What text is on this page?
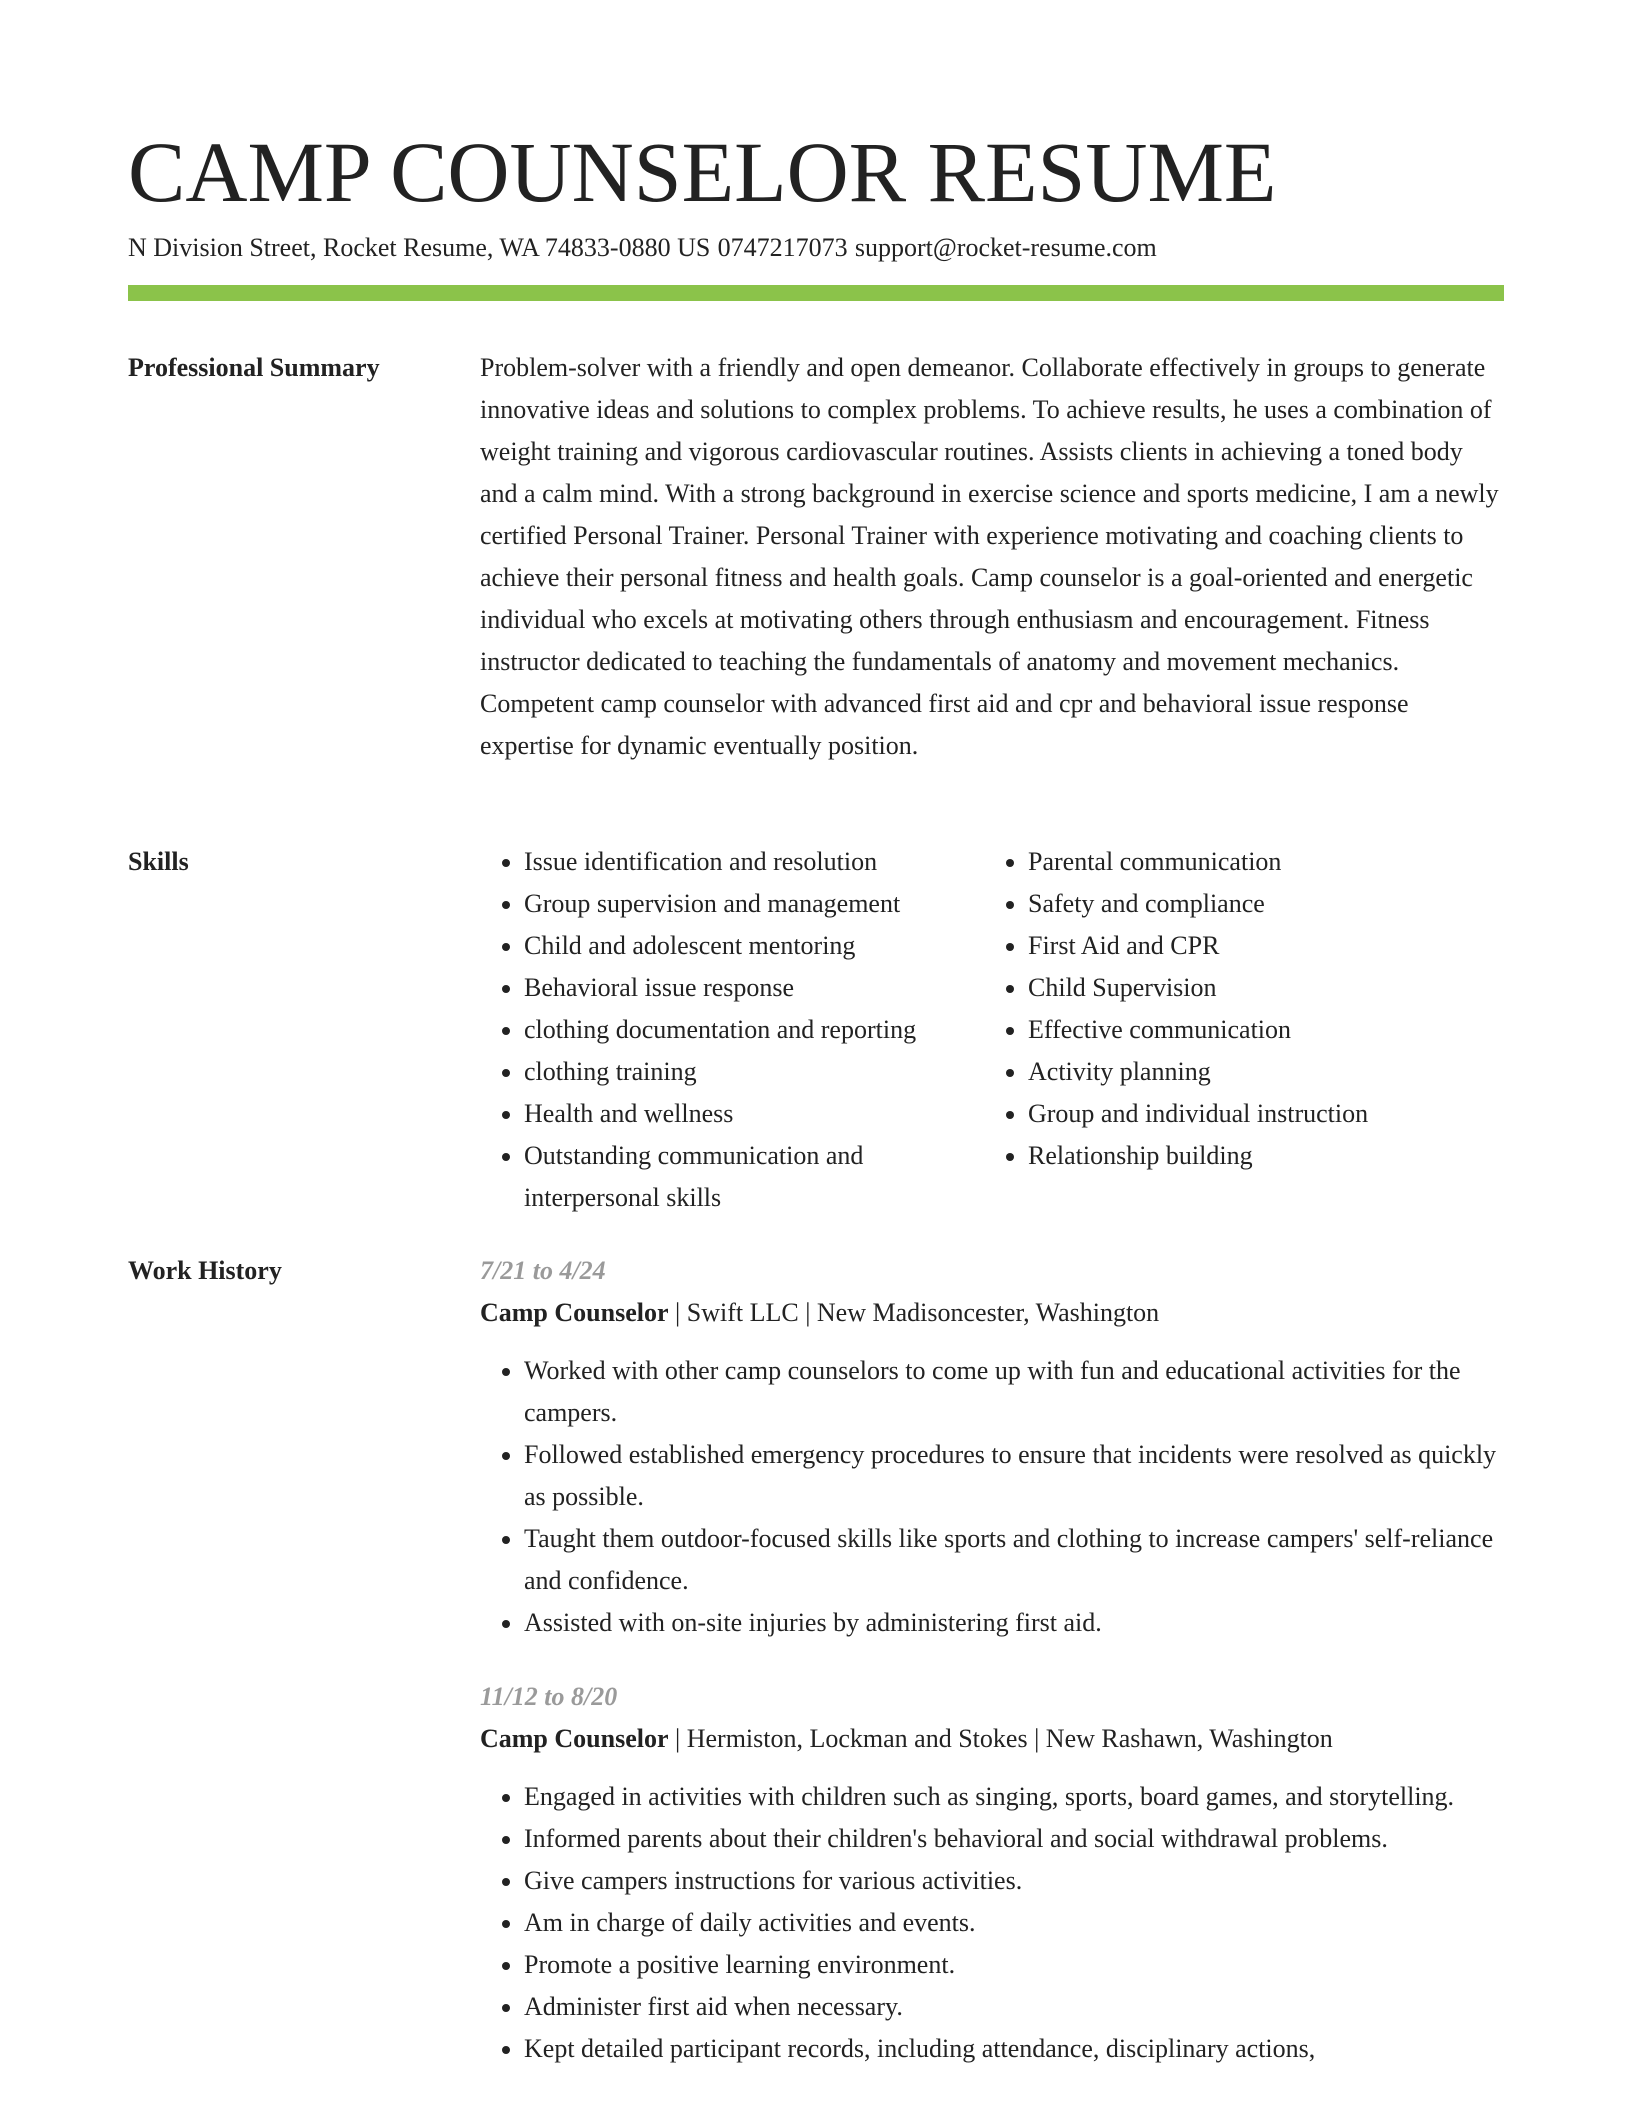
CAMP COUNSELOR RESUME
N Division Street, Rocket Resume, WA 74833-0880 US 0747217073 support@rocket-resume.com
Professional Summary	Problem-solver with a friendly and open demeanor. Collaborate effectively in groups to generate innovative ideas and solutions to complex problems. To achieve results, he uses a combination of weight training and vigorous cardiovascular routines. Assists clients in achieving a toned body and a calm mind. With a strong background in exercise science and sports medicine, I am a newly certified Personal Trainer. Personal Trainer with experience motivating and coaching clients to achieve their personal fitness and health goals. Camp counselor is a goal-oriented and energetic individual who excels at motivating others through enthusiasm and encouragement. Fitness instructor dedicated to teaching the fundamentals of anatomy and movement mechanics. Competent camp counselor with advanced first aid and cpr and behavioral issue response expertise for dynamic eventually position.

Skills
•	Issue identification and resolution
• Group supervision and management
• Child and adolescent mentoring
• Behavioral issue response
• clothing documentation and reporting
• clothing training
• Health and wellness
• Outstanding communication and interpersonal skills
• Parental communication
• Safety and compliance
• First Aid and CPR
• Child Supervision
• Effective communication
• Activity planning
• Group and individual instruction
• Relationship building
Work History	7/21 to 4/24

Camp Counselor | Swift LLC | New Madisoncester, Washington

• Worked with other camp counselors to come up with fun and educational activities for the campers.
• Followed established emergency procedures to ensure that incidents were resolved as quickly as possible.
• Taught them outdoor-focused skills like sports and clothing to increase campers' self-reliance and confidence.
• Assisted with on-site injuries by administering first aid.

11/12 to 8/20

Camp Counselor | Hermiston, Lockman and Stokes | New Rashawn, Washington

• Engaged in activities with children such as singing, sports, board games, and storytelling.
• Informed parents about their children's behavioral and social withdrawal problems.
• Give campers instructions for various activities.
• Am in charge of daily activities and events.
• Promote a positive learning environment.
• Administer first aid when necessary.
• Kept detailed participant records, including attendance, disciplinary actions,
